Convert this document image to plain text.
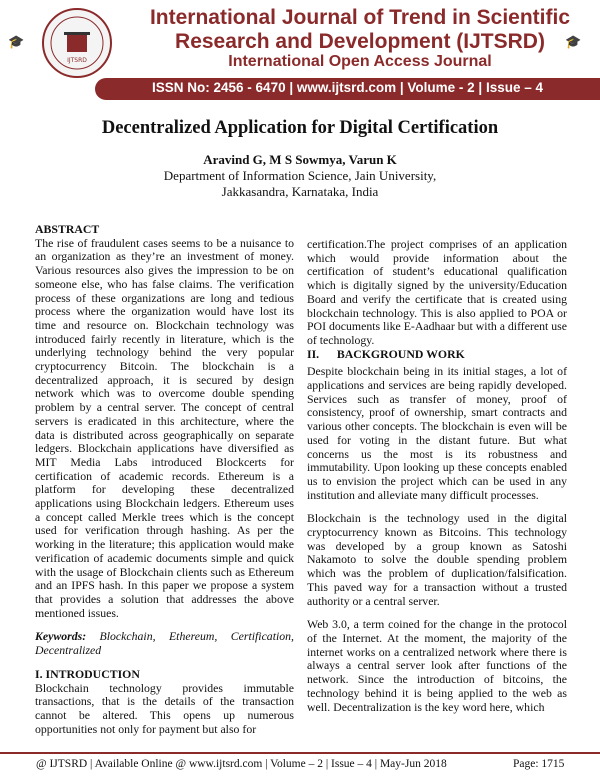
IJTSRD
🎓
International Journal of Trend in Scientific
Research and Development (IJTSRD)	🎓
International Open Access Journal
ISSN No: 2456 - 6470 | www.ijtsrd.com | Volume - 2 | Issue – 4
Decentralized Application for Digital Certification
Aravind G, M S Sowmya, Varun K
Department of Information Science, Jain University,
Jakkasandra, Karnataka, India

ABSTRACT

The rise of fraudulent cases seems to be a nuisance to an organization as they’re an investment of money. Various resources also gives the impression to be on someone else, who has false claims. The verification process of these organizations are long and tedious process where the organization would have lost its time and resource on. Blockchain technology was introduced fairly recently in literature, which is the underlying technology behind the very popular cryptocurrency Bitcoin. The blockchain is a decentralized approach, it is secured by design network which was to overcome double spending problem by a central server. The concept of central servers is eradicated in this architecture, where the data is distributed across geographically on separate ledgers. Blockchain applications have diversified as MIT Media Labs introduced Blockcerts for certification of academic records. Ethereum is a platform for developing these decentralized applications using Blockchain ledgers. Ethereum uses a concept called Merkle trees which is the concept used for verification through hashing. As per the working in the literature; this application would make verification of academic documents simple and quick with the usage of Blockchain clients such as Ethereum and an IPFS hash. In this paper we propose a system that provides a solution that addresses the above mentioned issues.

Keywords: Blockchain, Ethereum, Certification, Decentralized

I. INTRODUCTION

Blockchain technology provides immutable transactions, that is the details of the transaction cannot be altered. This opens up numerous opportunities not only for payment but also for

certification.The project comprises of an application which would provide information about the certification of student’s educational qualification which is digitally signed by the university/Education Board and verify the certificate that is created using blockchain technology. This is also applied to POA or POI documents like E-Aadhaar but with a different use of technology.

II. BACKGROUND WORK

Despite blockchain being in its initial stages, a lot of applications and services are being rapidly developed. Services such as transfer of money, proof of consistency, proof of ownership, smart contracts and various other concepts. The blockchain is even will be used for voting in the distant future. But what concerns us the most is its robustness and immutability. Upon looking up these concepts enabled us to envision the project which can be used in any institution and alleviate many difficult processes.

Blockchain is the technology used in the digital cryptocurrency known as Bitcoins. This technology was developed by a group known as Satoshi Nakamoto to solve the double spending problem which was the problem of duplication/falsification. This paved way for a transaction without a trusted authority or a central server.

Web 3.0, a term coined for the change in the protocol of the Internet. At the moment, the majority of the internet works on a centralized network where there is always a central server look after functions of the network. Since the introduction of bitcoins, the technology behind it is being applied to the web as well. Decentralization is the key word here, which

@ IJTSRD | Available Online @ www.ijtsrd.com | Volume – 2 | Issue – 4 | May-Jun 2018	Page: 1715
